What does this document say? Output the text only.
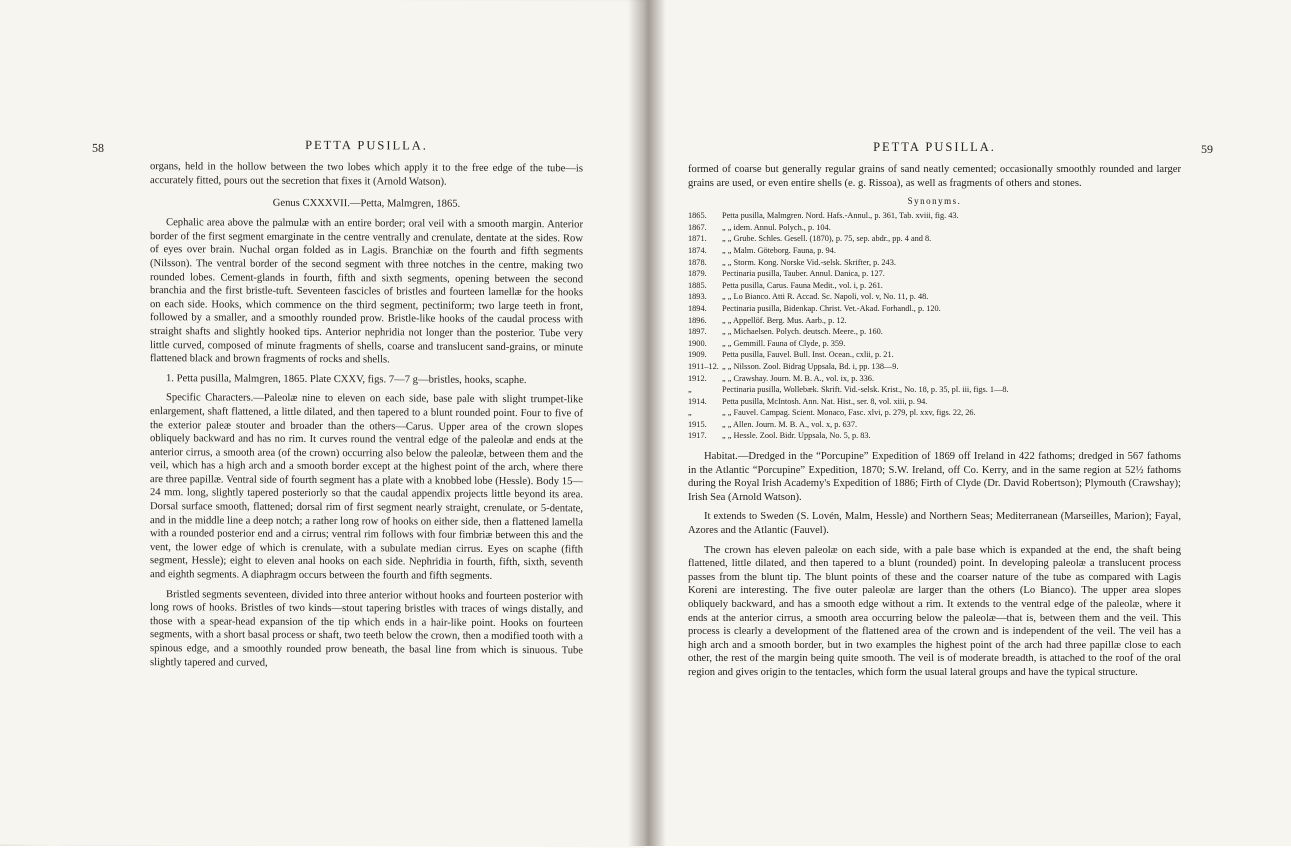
58	PETTA PUSILLA.

organs, held in the hollow between the two lobes which apply it to the free edge of the tube—is accurately fitted, pours out the secretion that fixes it (Arnold Watson).

Genus CXXXVII.—Petta, Malmgren, 1865.

Cephalic area above the palmulæ with an entire border; oral veil with a smooth margin. Anterior border of the first segment emarginate in the centre ventrally and crenulate, dentate at the sides. Row of eyes over brain. Nuchal organ folded as in Lagis. Branchiæ on the fourth and fifth segments (Nilsson). The ventral border of the second segment with three notches in the centre, making two rounded lobes. Cement-glands in fourth, fifth and sixth segments, opening between the second branchia and the first bristle-tuft. Seventeen fascicles of bristles and fourteen lamellæ for the hooks on each side. Hooks, which commence on the third segment, pectiniform; two large teeth in front, followed by a smaller, and a smoothly rounded prow. Bristle-like hooks of the caudal process with straight shafts and slightly hooked tips. Anterior nephridia not longer than the posterior. Tube very little curved, composed of minute fragments of shells, coarse and translucent sand-grains, or minute flattened black and brown fragments of rocks and shells.

1. Petta pusilla, Malmgren, 1865. Plate CXXV, figs. 7—7 g—bristles, hooks, scaphe.

Specific Characters.—Paleolæ nine to eleven on each side, base pale with slight trumpet-like enlargement, shaft flattened, a little dilated, and then tapered to a blunt rounded point. Four to five of the exterior paleæ stouter and broader than the others—Carus. Upper area of the crown slopes obliquely backward and has no rim. It curves round the ventral edge of the paleolæ and ends at the anterior cirrus, a smooth area (of the crown) occurring also below the paleolæ, between them and the veil, which has a high arch and a smooth border except at the highest point of the arch, where there are three papillæ. Ventral side of fourth segment has a plate with a knobbed lobe (Hessle). Body 15—24 mm. long, slightly tapered posteriorly so that the caudal appendix projects little beyond its area. Dorsal surface smooth, flattened; dorsal rim of first segment nearly straight, crenulate, or 5-dentate, and in the middle line a deep notch; a rather long row of hooks on either side, then a flattened lamella with a rounded posterior end and a cirrus; ventral rim follows with four fimbriæ between this and the vent, the lower edge of which is crenulate, with a subulate median cirrus. Eyes on scaphe (fifth segment, Hessle); eight to eleven anal hooks on each side. Nephridia in fourth, fifth, sixth, seventh and eighth segments. A diaphragm occurs between the fourth and fifth segments.

Bristled segments seventeen, divided into three anterior without hooks and fourteen posterior with long rows of hooks. Bristles of two kinds—stout tapering bristles with traces of wings distally, and those with a spear-head expansion of the tip which ends in a hair-like point. Hooks on fourteen segments, with a short basal process or shaft, two teeth below the crown, then a modified tooth with a spinous edge, and a smoothly rounded prow beneath, the basal line from which is sinuous. Tube slightly tapered and curved,

59
PETTA PUSILLA.

formed of coarse but generally regular grains of sand neatly cemented; occasionally smoothly rounded and larger grains are used, or even entire shells (e. g. Rissoa), as well as fragments of others and stones.

Synonyms.
1865. Petta pusilla, Malmgren. Nord. Hafs.-Annul., p. 361, Tab. xviii, fig. 43.
1867. „ „ idem. Annul. Polych., p. 104.
1871. „ „ Grube. Schles. Gesell. (1870), p. 75, sep. abdr., pp. 4 and 8.
1874. „ „ Malm. Göteborg. Fauna, p. 94.
1878. „ „ Storm. Kong. Norske Vid.-selsk. Skrifter, p. 243.
1879. Pectinaria pusilla, Tauber. Annul. Danica, p. 127.
1885. Petta pusilla, Carus. Fauna Medit., vol. i, p. 261.
1893. „ „ Lo Bianco. Atti R. Accad. Sc. Napoli, vol. v, No. 11, p. 48.
1894. Pectinaria pusilla, Bidenkap. Christ. Vet.-Akad. Forhandl., p. 120.
1896. „ „ Appellöf. Berg. Mus. Aarb., p. 12.
1897. „ „ Michaelsen. Polych. deutsch. Meere., p. 160.
1900. „ „ Gemmill. Fauna of Clyde, p. 359.
1909. Petta pusilla, Fauvel. Bull. Inst. Ocean., cxlii, p. 21.
1911–12. „ „ Nilsson. Zool. Bidrag Uppsala, Bd. i, pp. 138—9.
1912. „ „ Crawshay. Journ. M. B. A., vol. ix, p. 336.
„	Pectinaria pusilla, Wollebæk. Skrift. Vid.-selsk. Krist., No. 18, p. 35, pl. iii, figs. 1—8.
1914. Petta pusilla, McIntosh. Ann. Nat. Hist., ser. 8, vol. xiii, p. 94.
„	„ „ Fauvel. Campag. Scient. Monaco, Fasc. xlvi, p. 279, pl. xxv, figs. 22, 26.
1915. „ „ Allen. Journ. M. B. A., vol. x, p. 637.
1917. „ „ Hessle. Zool. Bidr. Uppsala, No. 5, p. 83.

Habitat.—Dredged in the “Porcupine” Expedition of 1869 off Ireland in 422 fathoms; dredged in 567 fathoms in the Atlantic “Porcupine” Expedition, 1870; S.W. Ireland, off Co. Kerry, and in the same region at 52½ fathoms during the Royal Irish Academy's Expedition of 1886; Firth of Clyde (Dr. David Robertson); Plymouth (Crawshay); Irish Sea (Arnold Watson).

It extends to Sweden (S. Lovén, Malm, Hessle) and Northern Seas; Mediterranean (Marseilles, Marion); Fayal, Azores and the Atlantic (Fauvel).

The crown has eleven paleolæ on each side, with a pale base which is expanded at the end, the shaft being flattened, little dilated, and then tapered to a blunt (rounded) point. In developing paleolæ a translucent process passes from the blunt tip. The blunt points of these and the coarser nature of the tube as compared with Lagis Koreni are interesting. The five outer paleolæ are larger than the others (Lo Bianco). The upper area slopes obliquely backward, and has a smooth edge without a rim. It extends to the ventral edge of the paleolæ, where it ends at the anterior cirrus, a smooth area occurring below the paleolæ—that is, between them and the veil. This process is clearly a development of the flattened area of the crown and is independent of the veil. The veil has a high arch and a smooth border, but in two examples the highest point of the arch had three papillæ close to each other, the rest of the margin being quite smooth. The veil is of moderate breadth, is attached to the roof of the oral region and gives origin to the tentacles, which form the usual lateral groups and have the typical structure.
